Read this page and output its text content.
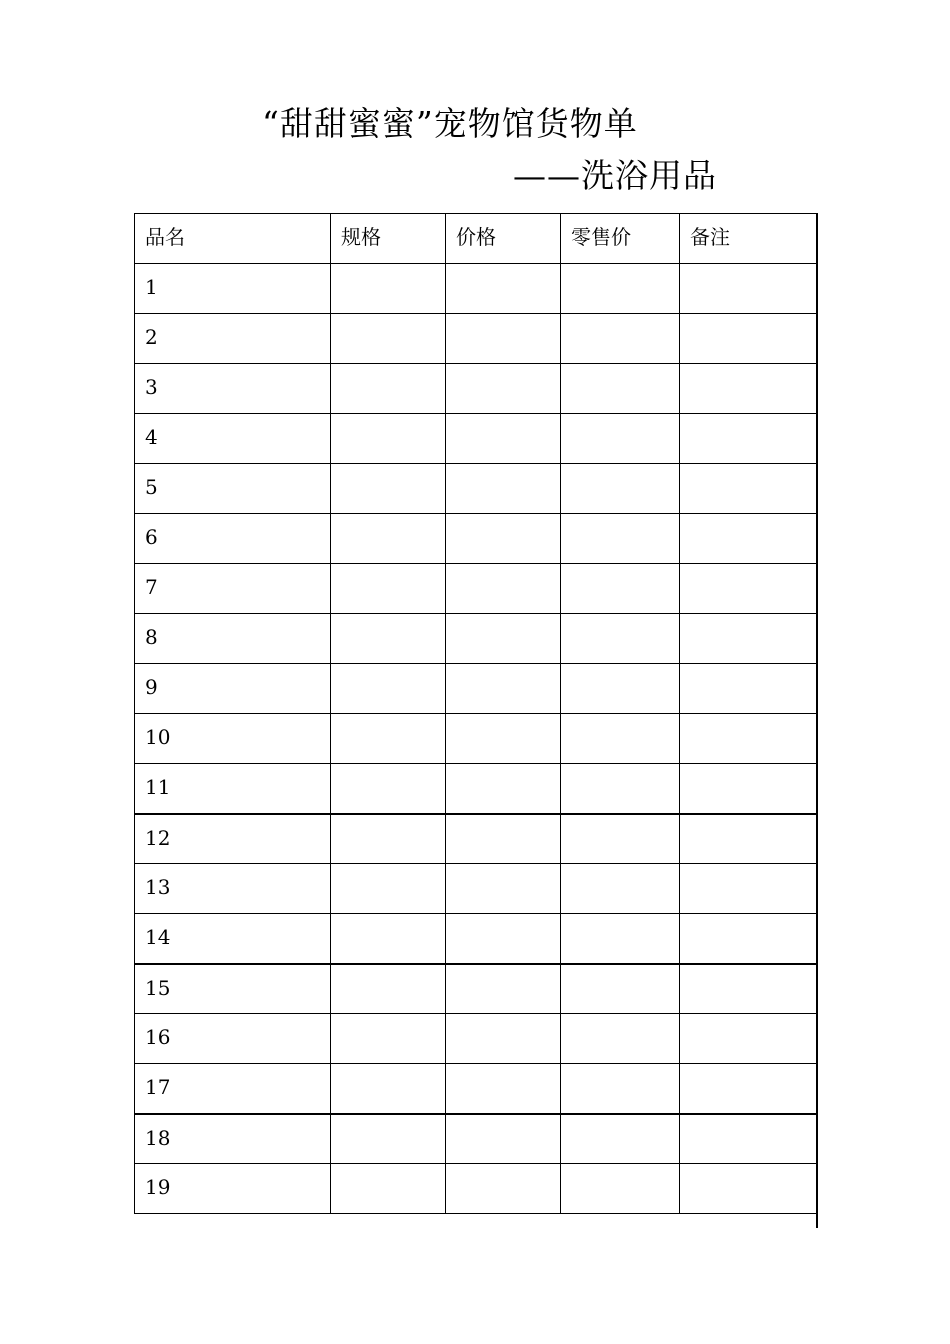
“甜甜蜜蜜”宠物馆货物单
——洗浴用品
品名	规格	价格	零售价	备注
1				
2				
3				
4				
5				
6				
7				
8				
9				
10				
11				
12				
13				
14				
15				
16				
17				
18				
19				
